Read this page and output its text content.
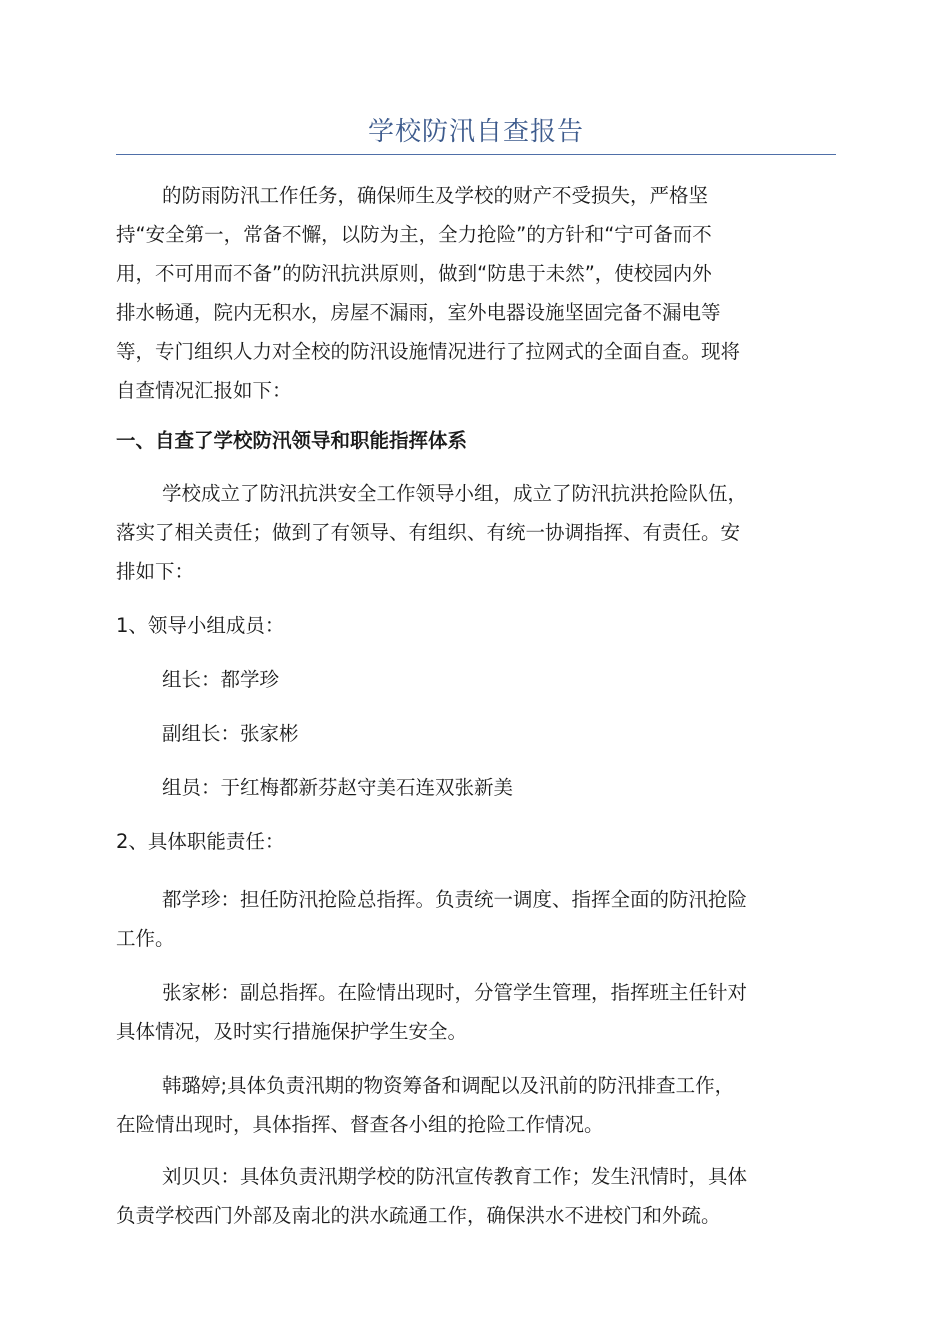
学校防汛自查报告

的防雨防汛工作任务，确保师生及学校的财产不受损失，严格坚

持“安全第一，常备不懈，以防为主，全力抢险”的方针和“宁可备而不

用，不可用而不备”的防汛抗洪原则，做到“防患于未然”，使校园内外

排水畅通，院内无积水，房屋不漏雨，室外电器设施坚固完备不漏电等

等，专门组织人力对全校的防汛设施情况进行了拉网式的全面自查。现将

自查情况汇报如下：

一、自查了学校防汛领导和职能指挥体系

学校成立了防汛抗洪安全工作领导小组，成立了防汛抗洪抢险队伍，

落实了相关责任；做到了有领导、有组织、有统一协调指挥、有责任。安

排如下：

1、领导小组成员：
组长：都学珍
副组长：张家彬
组员：于红梅都新芬赵守美石连双张新美
2、具体职能责任：

都学珍：担任防汛抢险总指挥。负责统一调度、指挥全面的防汛抢险

工作。

张家彬：副总指挥。在险情出现时，分管学生管理，指挥班主任针对

具体情况，及时实行措施保护学生安全。

韩璐婷;具体负责汛期的物资筹备和调配以及汛前的防汛排查工作，

在险情出现时，具体指挥、督查各小组的抢险工作情况。

刘贝贝：具体负责汛期学校的防汛宣传教育工作；发生汛情时，具体

负责学校西门外部及南北的洪水疏通工作，确保洪水不进校门和外疏。
